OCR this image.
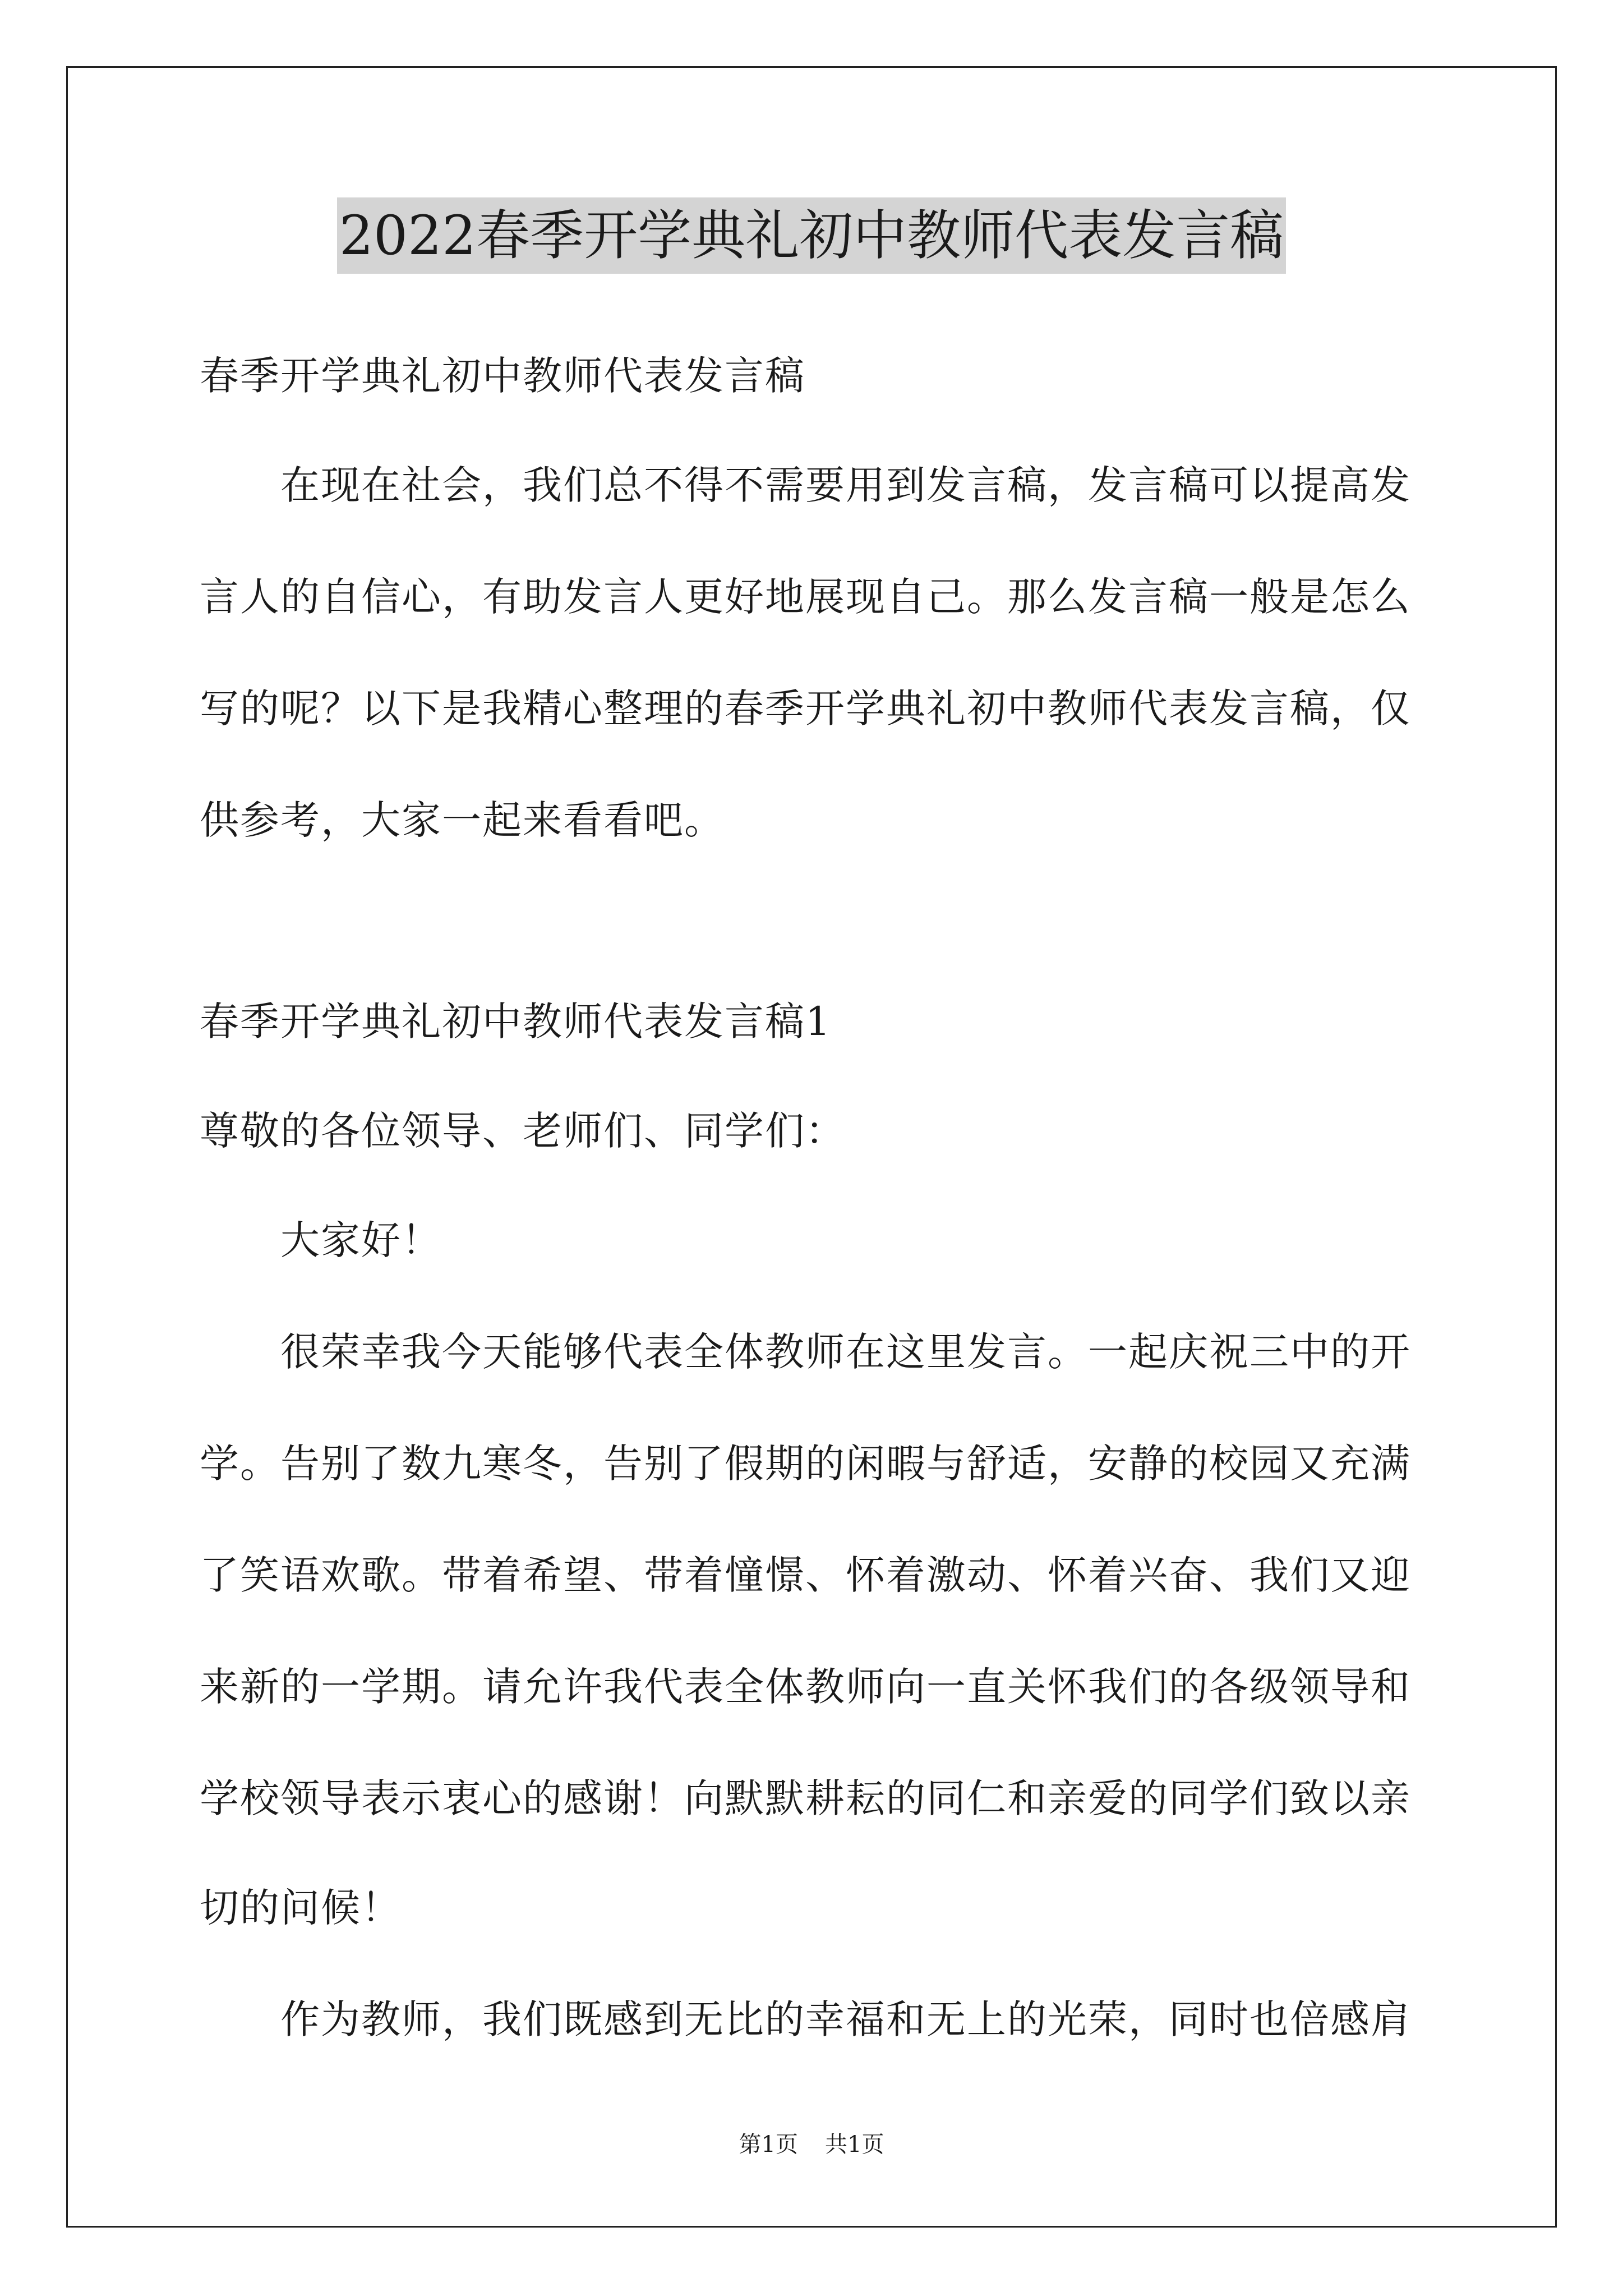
2022春季开学典礼初中教师代表发言稿
春季开学典礼初中教师代表发言稿
　　在现在社会，我们总不得不需要用到发言稿，发言稿可以提高发
言人的自信心，有助发言人更好地展现自己。那么发言稿一般是怎么
写的呢？以下是我精心整理的春季开学典礼初中教师代表发言稿，仅
供参考，大家一起来看看吧。
春季开学典礼初中教师代表发言稿1
尊敬的各位领导、老师们、同学们：
　　大家好！
　　很荣幸我今天能够代表全体教师在这里发言。一起庆祝三中的开
学。告别了数九寒冬，告别了假期的闲暇与舒适，安静的校园又充满
了笑语欢歌。带着希望、带着憧憬、怀着激动、怀着兴奋、我们又迎
来新的一学期。请允许我代表全体教师向一直关怀我们的各级领导和
学校领导表示衷心的感谢！向默默耕耘的同仁和亲爱的同学们致以亲
切的问候！
　　作为教师，我们既感到无比的幸福和无上的光荣，同时也倍感肩
第1页 共1页
